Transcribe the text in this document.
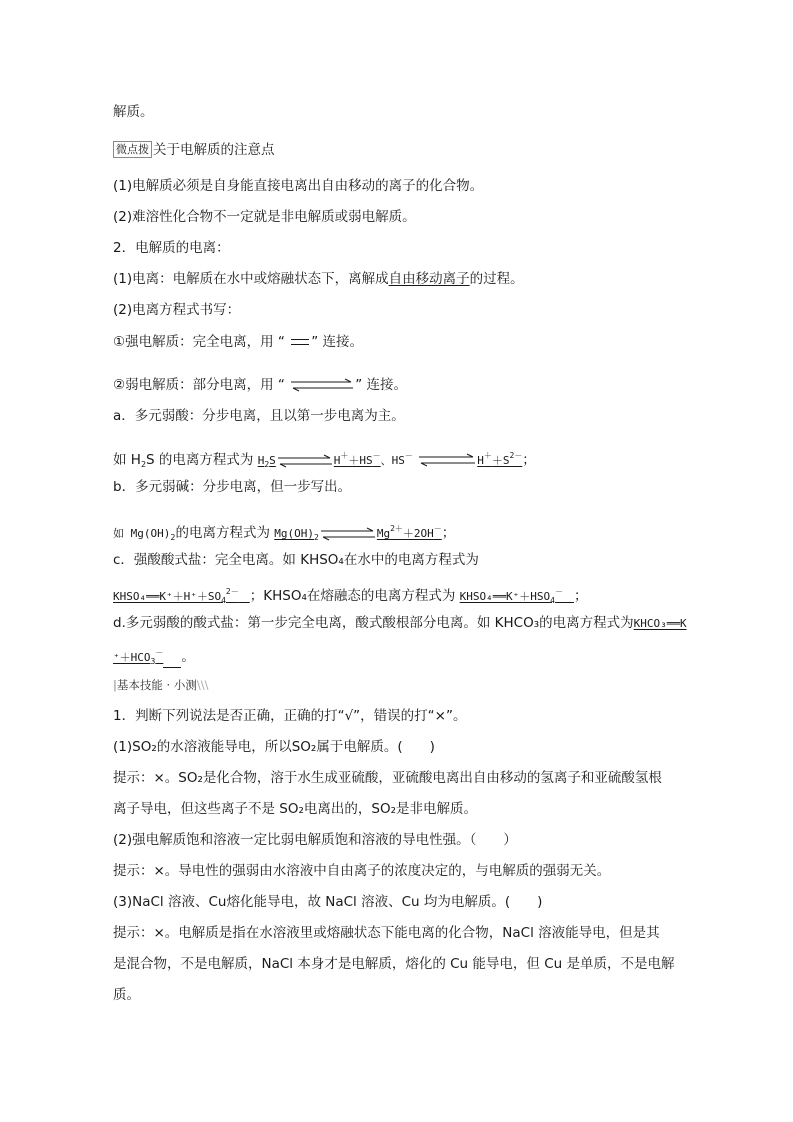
解质。
微点拨 关于电解质的注意点
(1)电解质必须是自身能直接电离出自由移动的离子的化合物。
(2)难溶性化合物不一定就是非电解质或弱电解质。
2．电解质的电离：
(1)电离：电解质在水中或熔融状态下，离解成自由移动离子的过程。
(2)电离方程式书写：
①强电解质：完全电离，用 “ ” 连接。
②弱电解质：部分电离，用 “	” 连接。
a．多元弱酸：分步电离，且以第一步电离为主。
如 $H_2S$ 的电离方程式为 $H_2S$	H＋＋HS－、HS－	$H^++S^{2-}$；
b．多元弱碱：分步电离，但一步写出。
如 $Mg(OH)_2$的电离方程式为 $Mg(OH)_2$	$Mg^{2+}+2OH^-$；
c．强酸酸式盐：完全电离。如 KHSO₄在水中的电离方程式为
$KHSO_4══K^++H^++SO_4^{2-}$　 ；KHSO₄在熔融态的电离方程式为 $KHSO_4══K^++HSO_4^-$　 ；
d.多元弱酸的酸式盐：第一步完全电离，酸式酸根部分电离。如 KHCO₃的电离方程式为KHCO₃══K
$^++HCO_3^-$ 。
|基本技能 · 小测\\\
1．判断下列说法是否正确，正确的打“√”，错误的打“×”。
(1)SO₂的水溶液能导电，所以SO₂属于电解质。(　　)
提示：×。SO₂是化合物，溶于水生成亚硫酸，亚硫酸电离出自由移动的氢离子和亚硫酸氢根
离子导电，但这些离子不是 SO₂电离出的，SO₂是非电解质。
(2)强电解质饱和溶液一定比弱电解质饱和溶液的导电性强。（　　）
提示：×。导电性的强弱由水溶液中自由离子的浓度决定的，与电解质的强弱无关。
(3)NaCl 溶液、Cu熔化能导电，故 NaCl 溶液、Cu 均为电解质。(　　)
提示：×。电解质是指在水溶液里或熔融状态下能电离的化合物，NaCl 溶液能导电，但是其
是混合物，不是电解质，NaCl 本身才是电解质，熔化的 Cu 能导电，但 Cu 是单质，不是电解
质。
